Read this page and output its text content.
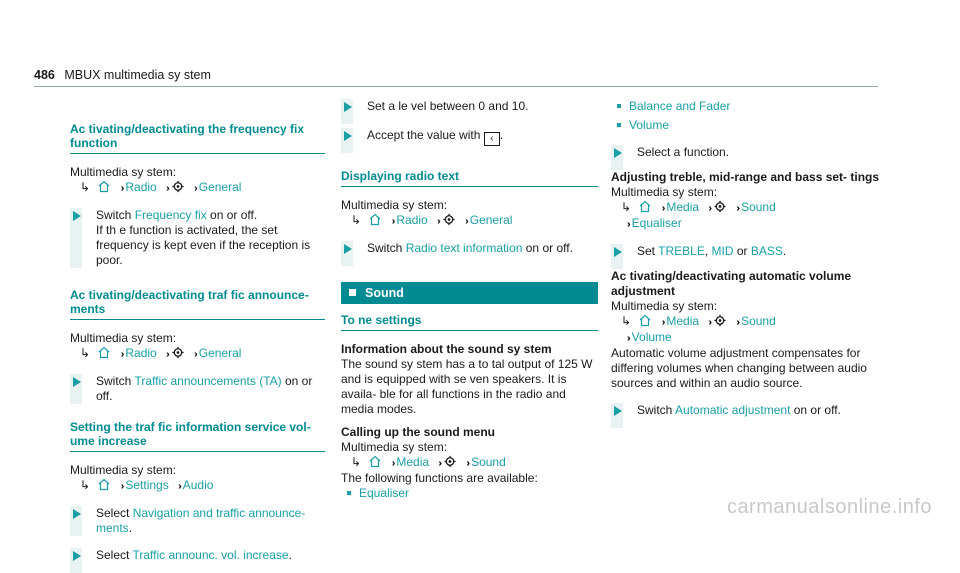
486 MBUX multimedia sy stem
Ac tivating/deactivating the frequency fix function
Multimedia sy stem:
↳	›› Radio ››	›› General
Switch Frequency fix on or off.
If th e function is activated, the set frequency is kept even if the reception is poor.
Ac tivating/deactivating traf fic announce‐ ments
Multimedia sy stem:
↳	›› Radio ››	›› General
Switch Traffic announcements (TA) on or off.
Setting the traf fic information service vol‐ ume increase
Multimedia sy stem:
↳	›› Settings ›› Audio
Select Navigation and traffic announce‐ ments.
Select Traffic announc. vol. increase.
Set a le vel between 0 and 10.
Accept the value with ‹ .
Displaying radio text
Multimedia sy stem:
↳	›› Radio ››	›› General
Switch Radio text information on or off.
Sound
To ne settings
Information about the sound sy stem
The sound sy stem has a to tal output of 125 W and is equipped with se ven speakers. It is availa‐ ble for all functions in the radio and media modes.
Calling up the sound menu
Multimedia sy stem:
↳	›› Media ››	›› Sound
The following functions are available:
Equaliser
Balance and Fader
Volume
Select a function.
Adjusting treble, mid-range and bass set‐ tings
Multimedia sy stem:
↳	›› Media ››	›› Sound
›› Equaliser
Set TREBLE, MID or BASS.
Ac tivating/deactivating automatic volume adjustment
Multimedia sy stem:
↳	›› Media ››	›› Sound
›› Volume
Automatic volume adjustment compensates for differing volumes when changing between audio sources and within an audio source.
Switch Automatic adjustment on or off.
carmanualsonline.info
